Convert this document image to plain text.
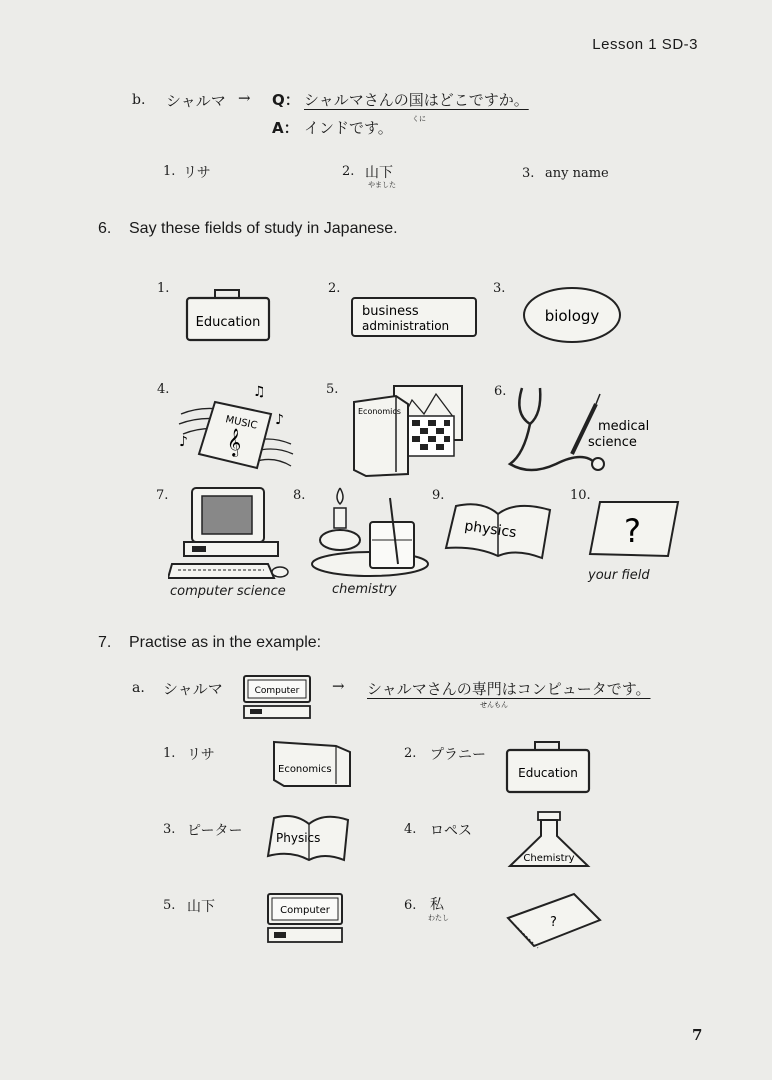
Lesson 1 SD-3

b. シャルマ → Q： シャルマさんの国はどこですか。
くに
A： インドです。
1. リサ	2. 山下
やました
3. any name
6. Say these fields of study in Japanese.
1.
Education
2.
business
administration
3.
biology
4.
MUSIC
𝄞
♫
♪
♪
5.
Economics
6.
medical
science
7.
computer science
8.
chemistry
9.
physics
10.
?
your field
7. Practise as in the example:
a. シャルマ	Computer → シャルマさんの専門はコンピュータです。
せんもん
1. リサ
Economics
2. プラニー
Education
3. ピーター	Physics
4. ロペス
Chemistry
5. 山下	Computer	6. 私
わたし	?
7
